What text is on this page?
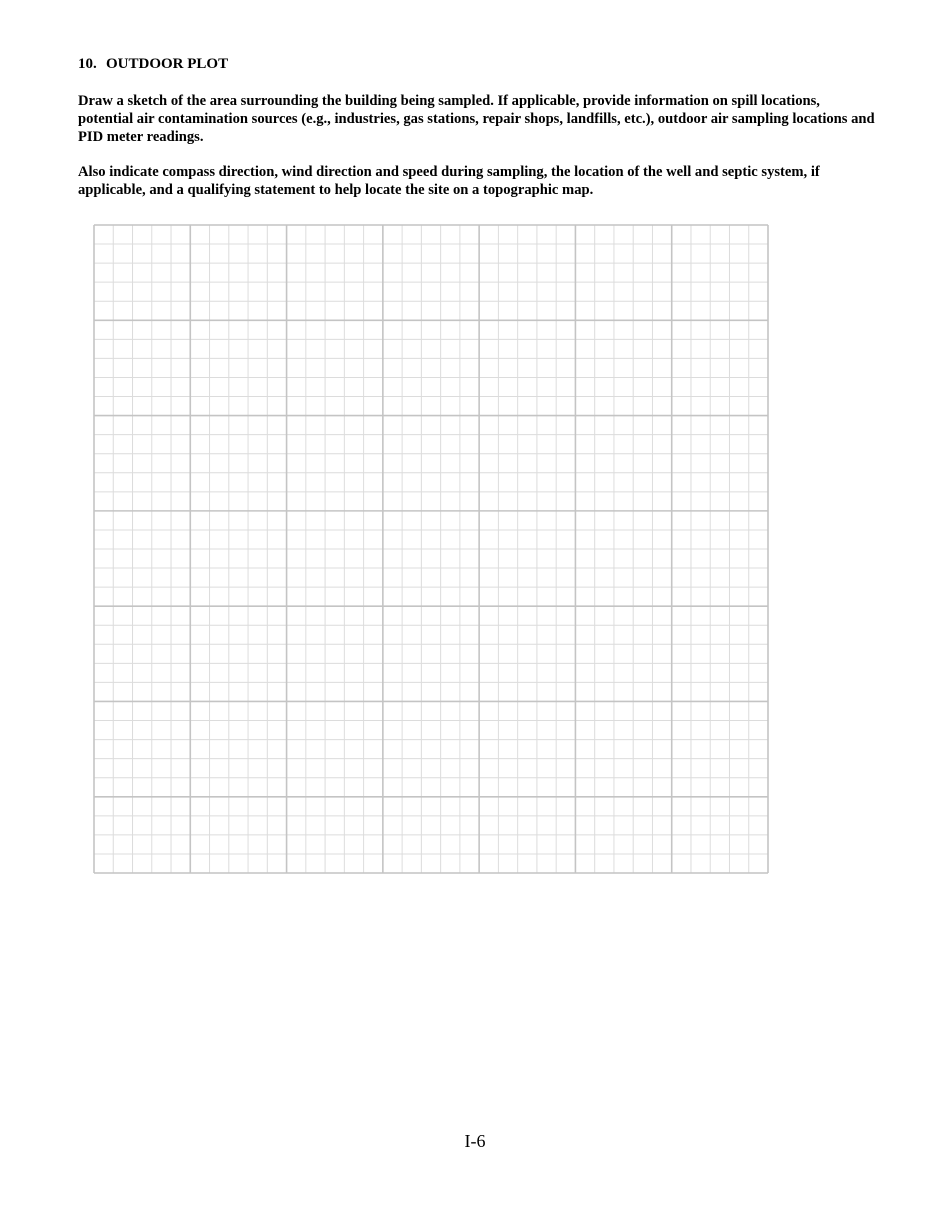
10. OUTDOOR PLOT

Draw a sketch of the area surrounding the building being sampled. If applicable, provide information on spill locations, potential air contamination sources (e.g., industries, gas stations, repair shops, landfills, etc.), outdoor air sampling locations and PID meter readings.

Also indicate compass direction, wind direction and speed during sampling, the location of the well and septic system, if applicable, and a qualifying statement to help locate the site on a topographic map.

I-6
